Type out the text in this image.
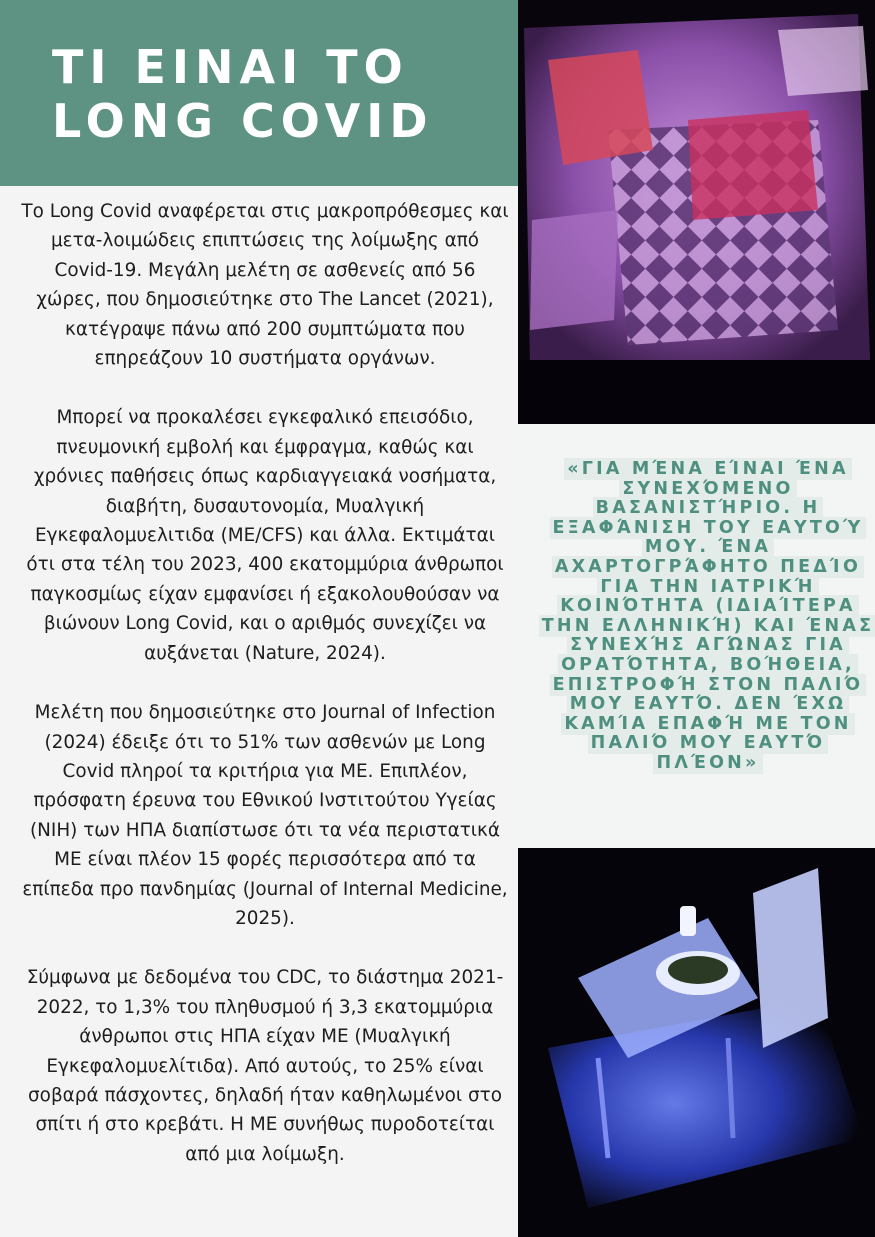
ΤΙ ΕΙΝΑΙ ΤΟ
LONG COVID

Το Long Covid αναφέρεται στις μακροπρόθεσμες και μετα-λοιμώδεις επιπτώσεις της λοίμωξης από Covid-19. Μεγάλη μελέτη σε ασθενείς από 56 χώρες, που δημοσιεύτηκε στο The Lancet (2021), κατέγραψε πάνω από 200 συμπτώματα που επηρεάζουν 10 συστήματα οργάνων.

Μπορεί να προκαλέσει εγκεφαλικό επεισόδιο, πνευμονική εμβολή και έμφραγμα, καθώς και χρόνιες παθήσεις όπως καρδιαγγειακά νοσήματα, διαβήτη, δυσαυτονομία, Μυαλγική Εγκεφαλομυελιτιδα (ΜΕ/CFS) και άλλα. Εκτιμάται ότι στα τέλη του 2023, 400 εκατομμύρια άνθρωποι παγκοσμίως είχαν εμφανίσει ή εξακολουθούσαν να βιώνουν Long Covid, και ο αριθμός συνεχίζει να αυξάνεται (Nature, 2024).

Μελέτη που δημοσιεύτηκε στο Journal of Infection (2024) έδειξε ότι το 51% των ασθενών με Long Covid πληροί τα κριτήρια για ΜΕ. Επιπλέον, πρόσφατη έρευνα του Εθνικού Ινστιτούτου Υγείας (NIH) των ΗΠΑ διαπίστωσε ότι τα νέα περιστατικά ΜΕ είναι πλέον 15 φορές περισσότερα από τα επίπεδα προ πανδημίας (Journal of Internal Medicine, 2025).

Σύμφωνα με δεδομένα του CDC, το διάστημα 2021-2022, το 1,3% του πληθυσμού ή 3,3 εκατομμύρια άνθρωποι στις ΗΠΑ είχαν ΜΕ (Μυαλγική Εγκεφαλομυελίτιδα). Από αυτούς, το 25% είναι σοβαρά πάσχοντες, δηλαδή ήταν καθηλωμένοι στο σπίτι ή στο κρεβάτι. Η ΜΕ συνήθως πυροδοτείται από μια λοίμωξη.

«ΓΙΑ ΜΈΝΑ ΕΊΝΑΙ ΈΝΑ ΣΥΝΕΧΌΜΕΝΟ ΒΑΣΑΝΙΣΤΉΡΙΟ. Η ΕΞΑΦΆΝΙΣΗ ΤΟΥ ΕΑΥΤΟΎ ΜΟΥ. ΈΝΑ ΑΧΑΡΤΟΓΡΆΦΗΤΟ ΠΕΔΊΟ ΓΙΑ ΤΗΝ ΙΑΤΡΙΚΉ ΚΟΙΝΌΤΗΤΑ (ΙΔΙΑΊΤΕΡΑ ΤΗΝ ΕΛΛΗΝΙΚΉ) ΚΑΙ ΈΝΑΣ ΣΥΝΕΧΉΣ ΑΓΏΝΑΣ ΓΙΑ ΟΡΑΤΌΤΗΤΑ, ΒΟΉΘΕΙΑ, ΕΠΙΣΤΡΟΦΉ ΣΤΟΝ ΠΑΛΙΌ ΜΟΥ ΕΑΥΤΌ. ΔΕΝ ΈΧΩ ΚΑΜΊΑ ΕΠΑΦΉ ΜΕ ΤΟΝ ΠΑΛΙΌ ΜΟΥ ΕΑΥΤΌ ΠΛΈΟΝ»
